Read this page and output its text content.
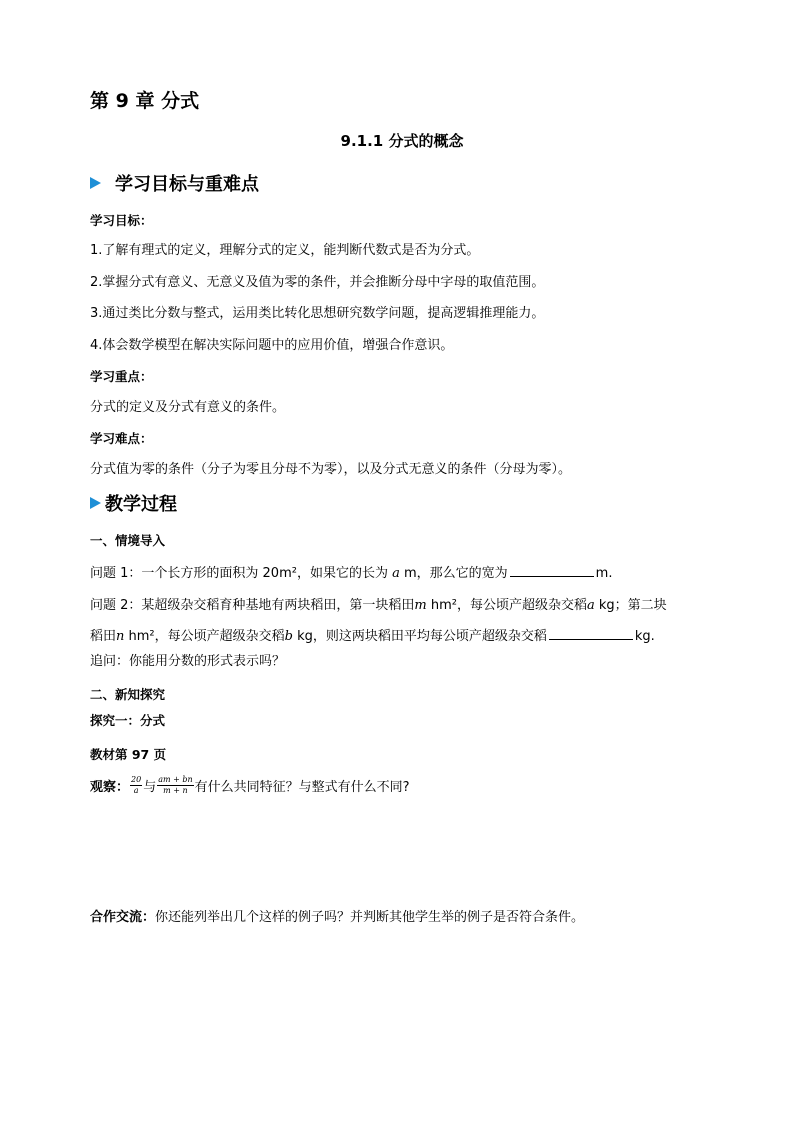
第 9 章 分式
9.1.1 分式的概念
学习目标与重难点
学习目标：
1.了解有理式的定义，理解分式的定义，能判断代数式是否为分式。
2.掌握分式有意义、无意义及值为零的条件，并会推断分母中字母的取值范围。
3.通过类比分数与整式，运用类比转化思想研究数学问题，提高逻辑推理能力。
4.体会数学模型在解决实际问题中的应用价值，增强合作意识。
学习重点：
分式的定义及分式有意义的条件。
学习难点：
分式值为零的条件（分子为零且分母不为零），以及分式无意义的条件（分母为零）。
教学过程
一、情境导入
问题 1：一个长方形的面积为 20m²，如果它的长为 a m，那么它的宽为	m.
问题 2：某超级杂交稻育种基地有两块稻田，第一块稻田m hm²，每公顷产超级杂交稻a kg；第二块
稻田n hm²，每公顷产超级杂交稻b kg，则这两块稻田平均每公顷产超级杂交稻	kg.
追问：你能用分数的形式表示吗？
二、新知探究
探究一：分式
教材第 97 页
观察： $\frac{20}{a}$ 与 $\frac{am + bn}{m + n}$ 有什么共同特征？与整式有什么不同?
合作交流：你还能列举出几个这样的例子吗？并判断其他学生举的例子是否符合条件。
